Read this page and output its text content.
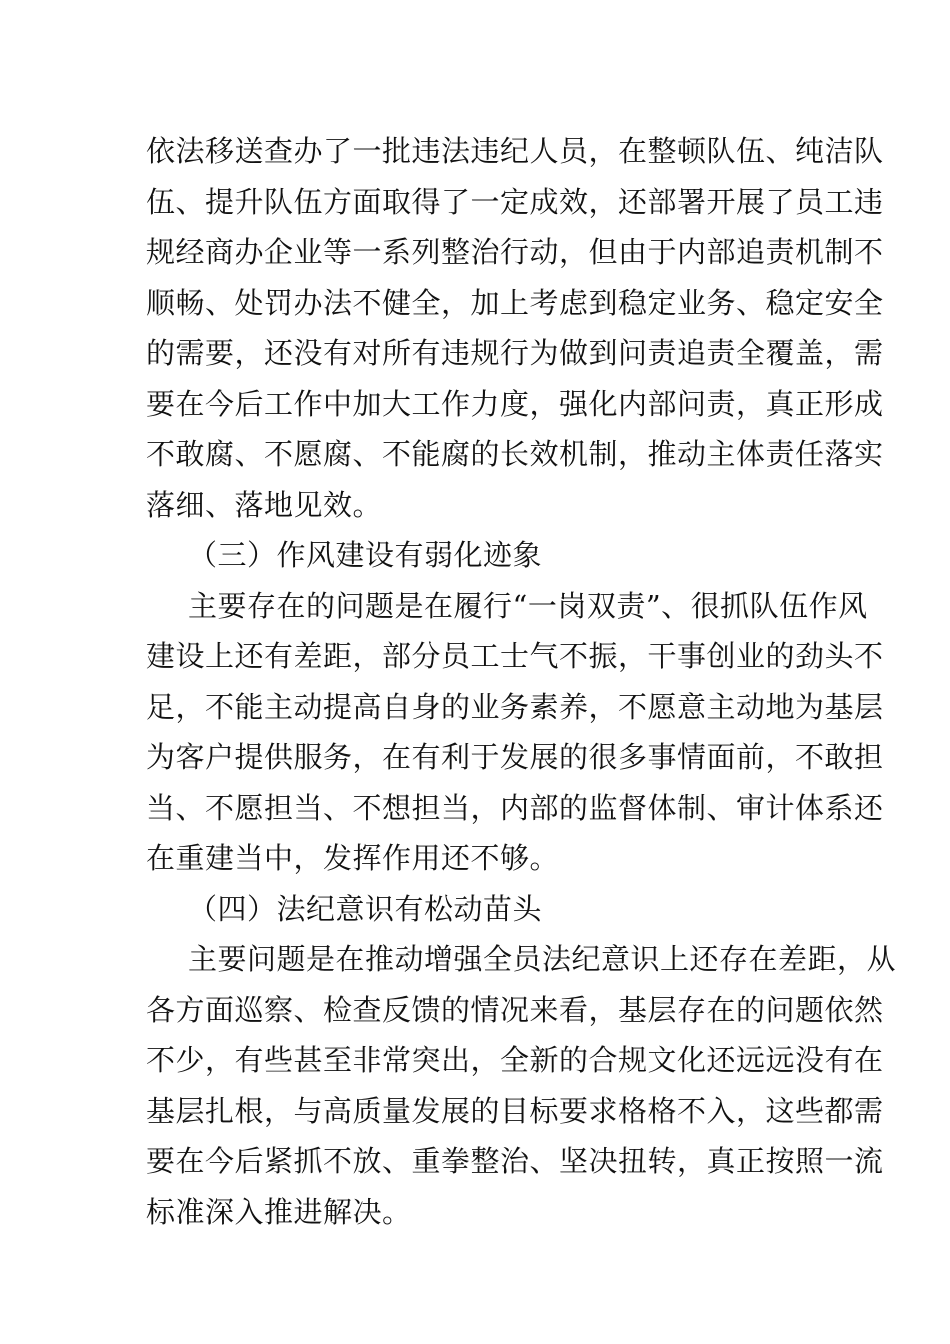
依法移送查办了一批违法违纪人员，在整顿队伍、纯洁队
伍、提升队伍方面取得了一定成效，还部署开展了员工违
规经商办企业等一系列整治行动，但由于内部追责机制不
顺畅、处罚办法不健全，加上考虑到稳定业务、稳定安全
的需要，还没有对所有违规行为做到问责追责全覆盖，需
要在今后工作中加大工作力度，强化内部问责，真正形成
不敢腐、不愿腐、不能腐的长效机制，推动主体责任落实
落细、落地见效。
（三）作风建设有弱化迹象
主要存在的问题是在履行“一岗双责”、很抓队伍作风
建设上还有差距，部分员工士气不振，干事创业的劲头不
足，不能主动提高自身的业务素养，不愿意主动地为基层
为客户提供服务，在有利于发展的很多事情面前，不敢担
当、不愿担当、不想担当，内部的监督体制、审计体系还
在重建当中，发挥作用还不够。
（四）法纪意识有松动苗头
主要问题是在推动增强全员法纪意识上还存在差距，从
各方面巡察、检查反馈的情况来看，基层存在的问题依然
不少，有些甚至非常突出，全新的合规文化还远远没有在
基层扎根，与高质量发展的目标要求格格不入，这些都需
要在今后紧抓不放、重拳整治、坚决扭转，真正按照一流
标准深入推进解决。
